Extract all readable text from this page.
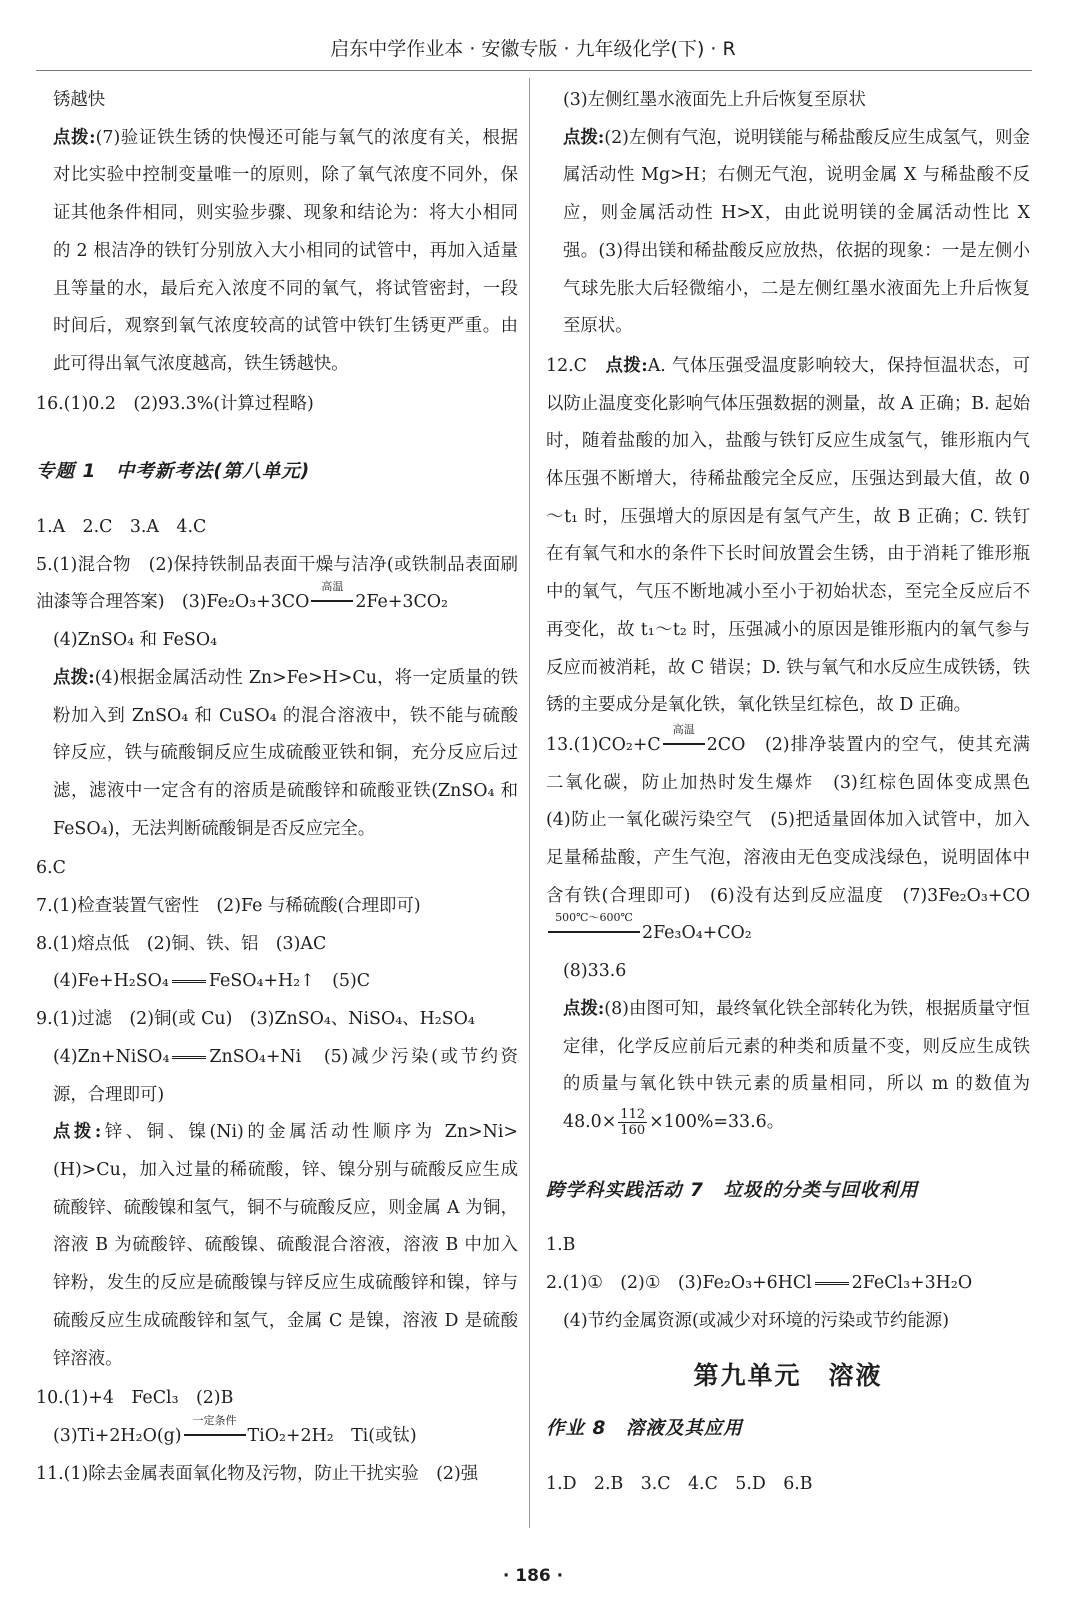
启东中学作业本 · 安徽专版 · 九年级化学(下) · R

锈越快

点拨:(7)验证铁生锈的快慢还可能与氧气的浓度有关，根据对比实验中控制变量唯一的原则，除了氧气浓度不同外，保证其他条件相同，则实验步骤、现象和结论为：将大小相同的 2 根洁净的铁钉分别放入大小相同的试管中，再加入适量且等量的水，最后充入浓度不同的氧气，将试管密封，一段时间后，观察到氧气浓度较高的试管中铁钉生锈更严重。由此可得出氧气浓度越高，铁生锈越快。

16.(1)0.2　(2)93.3%(计算过程略)

专题 1　中考新考法(第八单元)

1.A　2.C　3.A　4.C

5.(1)混合物　(2)保持铁制品表面干燥与洁净(或铁制品表面刷油漆等合理答案)　(3)Fe₂O₃+3CO
高温
2Fe+3CO₂

(4)ZnSO₄ 和 FeSO₄

点拨:(4)根据金属活动性 Zn>Fe>H>Cu，将一定质量的铁粉加入到 ZnSO₄ 和 CuSO₄ 的混合溶液中，铁不能与硫酸锌反应，铁与硫酸铜反应生成硫酸亚铁和铜，充分反应后过滤，滤液中一定含有的溶质是硫酸锌和硫酸亚铁(ZnSO₄ 和 FeSO₄)，无法判断硫酸铜是否反应完全。

6.C

7.(1)检查装置气密性　(2)Fe 与稀硫酸(合理即可)

8.(1)熔点低　(2)铜、铁、铝　(3)AC

(4)Fe+H₂SO₄ FeSO₄+H₂↑　(5)C

9.(1)过滤　(2)铜(或 Cu)　(3)ZnSO₄、NiSO₄、H₂SO₄

(4)Zn+NiSO₄ ZnSO₄+Ni　(5)减少污染(或节约资源，合理即可)

点拨:锌、铜、镍(Ni)的金属活动性顺序为 Zn>Ni>(H)>Cu，加入过量的稀硫酸，锌、镍分别与硫酸反应生成硫酸锌、硫酸镍和氢气，铜不与硫酸反应，则金属 A 为铜，溶液 B 为硫酸锌、硫酸镍、硫酸混合溶液，溶液 B 中加入锌粉，发生的反应是硫酸镍与锌反应生成硫酸锌和镍，锌与硫酸反应生成硫酸锌和氢气，金属 C 是镍，溶液 D 是硫酸锌溶液。

10.(1)+4　FeCl₃　(2)B

(3)Ti+2H₂O(g)
一定条件
TiO₂+2H₂　Ti(或钛)

11.(1)除去金属表面氧化物及污物，防止干扰实验　(2)强

(3)左侧红墨水液面先上升后恢复至原状

点拨:(2)左侧有气泡，说明镁能与稀盐酸反应生成氢气，则金属活动性 Mg>H；右侧无气泡，说明金属 X 与稀盐酸不反应，则金属活动性 H>X，由此说明镁的金属活动性比 X 强。(3)得出镁和稀盐酸反应放热，依据的现象：一是左侧小气球先胀大后轻微缩小，二是左侧红墨水液面先上升后恢复至原状。

12.C　点拨:A. 气体压强受温度影响较大，保持恒温状态，可以防止温度变化影响气体压强数据的测量，故 A 正确；B. 起始时，随着盐酸的加入，盐酸与铁钉反应生成氢气，锥形瓶内气体压强不断增大，待稀盐酸完全反应，压强达到最大值，故 0～t₁ 时，压强增大的原因是有氢气产生，故 B 正确；C. 铁钉在有氧气和水的条件下长时间放置会生锈，由于消耗了锥形瓶中的氧气，气压不断地减小至小于初始状态，至完全反应后不再变化，故 t₁～t₂ 时，压强减小的原因是锥形瓶内的氧气参与反应而被消耗，故 C 错误；D. 铁与氧气和水反应生成铁锈，铁锈的主要成分是氧化铁，氧化铁呈红棕色，故 D 正确。

13.(1)CO₂+C
高温
2CO　(2)排净装置内的空气，使其充满二氧化碳，防止加热时发生爆炸　(3)红棕色固体变成黑色　(4)防止一氧化碳污染空气　(5)把适量固体加入试管中，加入足量稀盐酸，产生气泡，溶液由无色变成浅绿色，说明固体中含有铁(合理即可)　(6)没有达到反应温度　(7)3Fe₂O₃+CO
500℃～600℃
2Fe₃O₄+CO₂

(8)33.6

点拨:(8)由图可知，最终氧化铁全部转化为铁，根据质量守恒定律，化学反应前后元素的种类和质量不变，则反应生成铁的质量与氧化铁中铁元素的质量相同，所以 m 的数值为 $48.0\times \frac{112}{160} \times 100\%=33.6$。

跨学科实践活动 7　垃圾的分类与回收利用

1.B

2.(1)①　(2)①　(3)Fe₂O₃+6HCl 2FeCl₃+3H₂O

(4)节约金属资源(或减少对环境的污染或节约能源)

第九单元　溶液

作业 8　溶液及其应用

1.D　2.B　3.C　4.C　5.D　6.B

· 186 ·
